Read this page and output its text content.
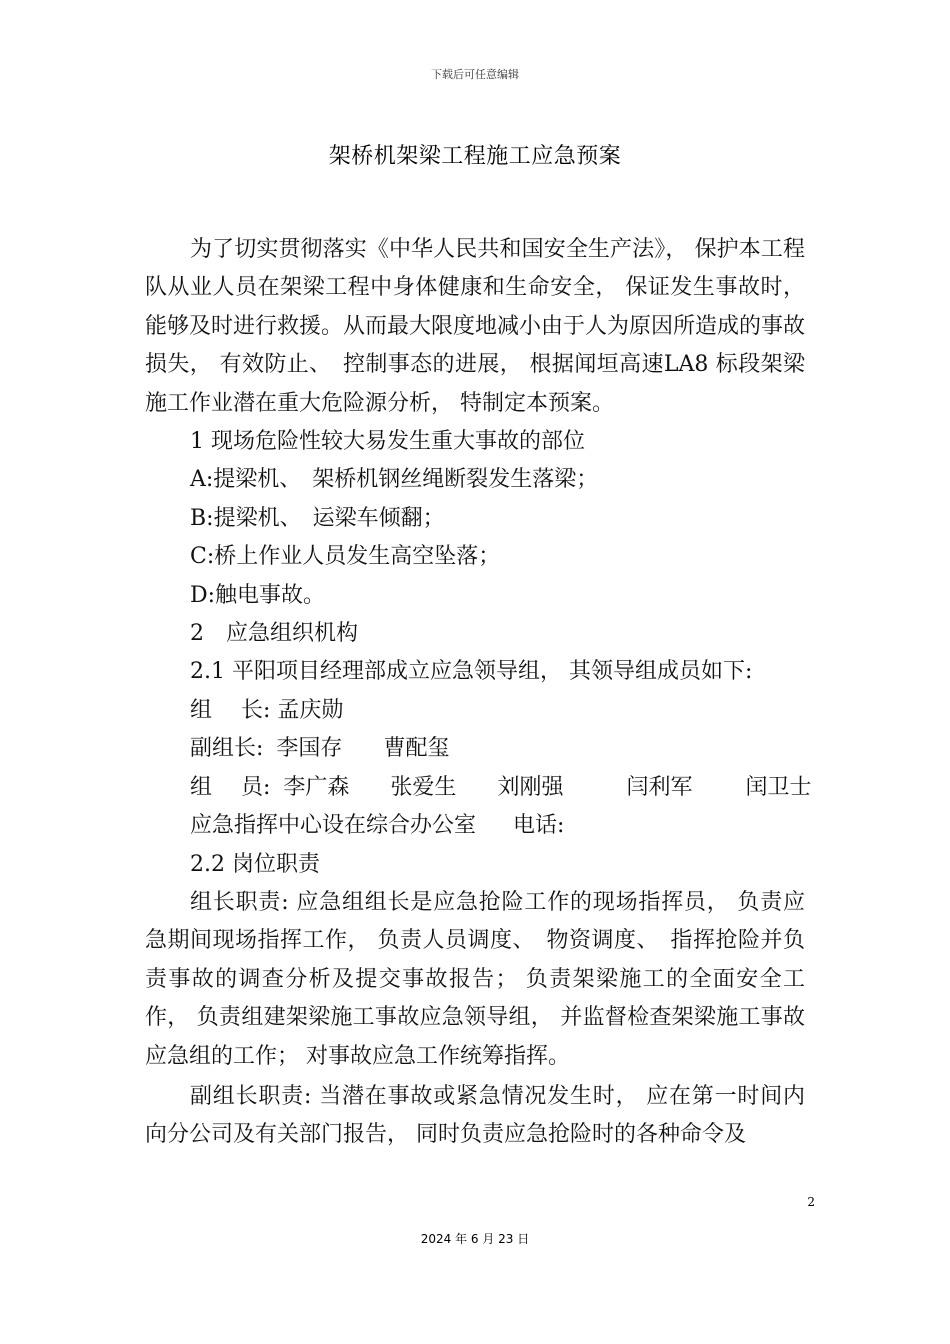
下载后可任意编辑
架桥机架梁工程施工应急预案

为了切实贯彻落实《中华人民共和国安全生产法》， 保护本工程队从业人员在架梁工程中身体健康和生命安全， 保证发生事故时， 能够及时进行救援。从而最大限度地减小由于人为原因所造成的事故损失， 有效防止、　控制事态的进展， 根据闻垣高速LA8 标段架梁施工作业潜在重大危险源分析， 特制定本预案。

1 现场危险性较大易发生重大事故的部位
A:提梁机、　架桥机钢丝绳断裂发生落梁；
B:提梁机、　运梁车倾翻；
C:桥上作业人员发生高空坠落；
D:触电事故。
2　应急组织机构
2.1 平阳项目经理部成立应急领导组， 其领导组成员如下:
组　 长: 孟庆勋
副组长: 李国存 曹配玺
组　 员: 李广森 张爱生 刘刚强	闫利军 闰卫士
应急指挥中心设在综合办公室 电话:
2.2 岗位职责

组长职责: 应急组组长是应急抢险工作的现场指挥员， 负责应急期间现场指挥工作， 负责人员调度、　物资调度、　指挥抢险并负责事故的调查分析及提交事故报告； 负责架梁施工的全面安全工作， 负责组建架梁施工事故应急领导组， 并监督检查架梁施工事故应急组的工作； 对事故应急工作统筹指挥。

副组长职责: 当潜在事故或紧急情况发生时， 应在第一时间内向分公司及有关部门报告， 同时负责应急抢险时的各种命令及

2
2024 年 6 月 23 日
